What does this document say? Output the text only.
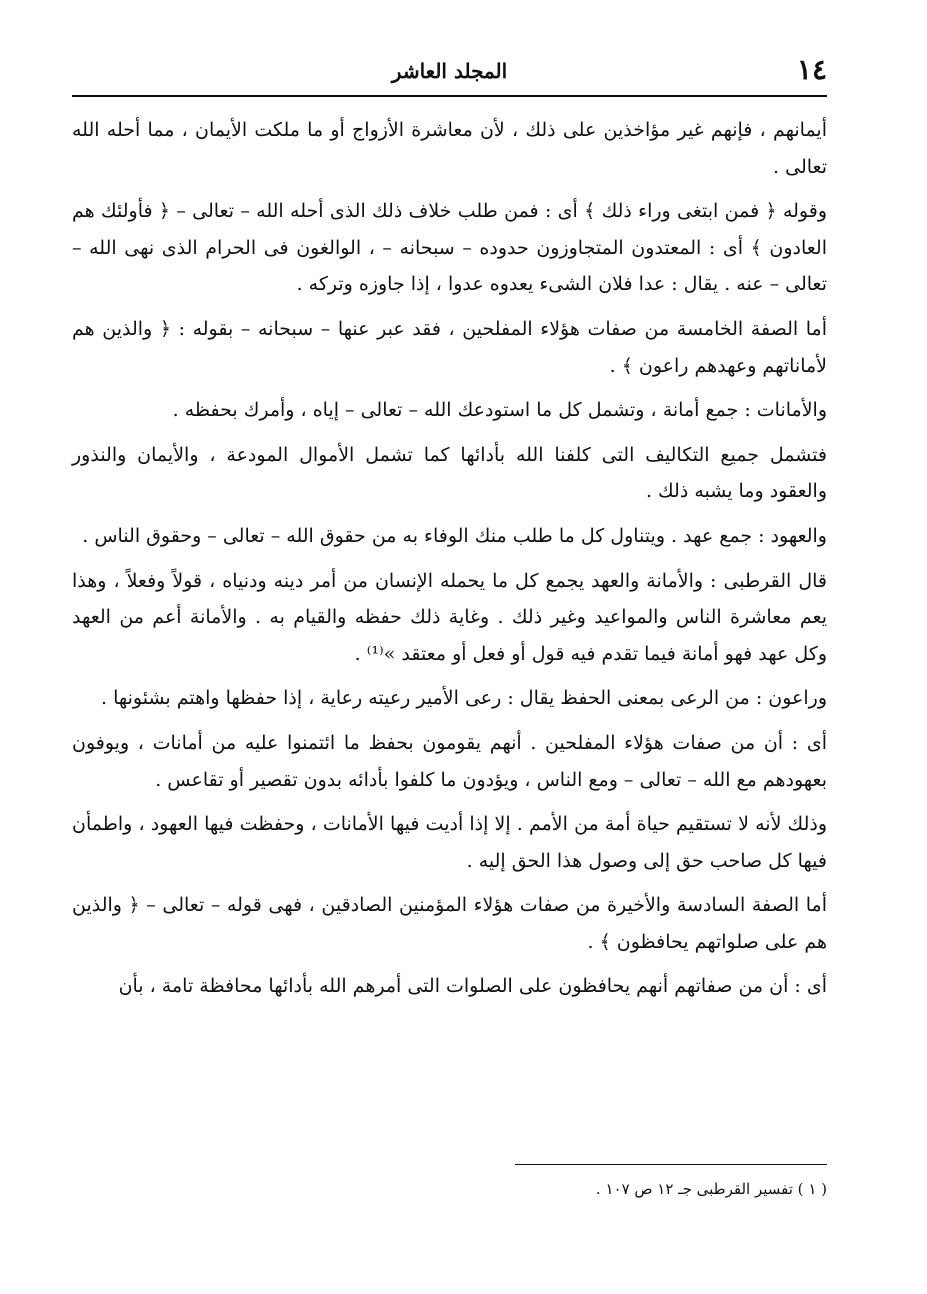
١٤
المجلد العاشر

أيمانهم ، فإنهم غير مؤاخذين على ذلك ، لأن معاشرة الأزواج أو ما ملكت الأيمان ، مما أحله الله تعالى .

وقوله ﴿ فمن ابتغى وراء ذلك ﴾ أى : فمن طلب خلاف ذلك الذى أحله الله – تعالى – ﴿ فأولئك هم العادون ﴾ أى : المعتدون المتجاوزون حدوده – سبحانه – ، الوالغون فى الحرام الذى نهى الله – تعالى – عنه . يقال : عدا فلان الشىء يعدوه عدوا ، إذا جاوزه وتركه .

أما الصفة الخامسة من صفات هؤلاء المفلحين ، فقد عبر عنها – سبحانه – بقوله : ﴿ والذين هم لأماناتهم وعهدهم راعون ﴾ .

والأمانات : جمع أمانة ، وتشمل كل ما استودعك الله – تعالى – إياه ، وأمرك بحفظه .

فتشمل جميع التكاليف التى كلفنا الله بأدائها كما تشمل الأموال المودعة ، والأيمان والنذور والعقود وما يشبه ذلك .

والعهود : جمع عهد . ويتناول كل ما طلب منك الوفاء به من حقوق الله – تعالى – وحقوق الناس .

قال القرطبى : والأمانة والعهد يجمع كل ما يحمله الإنسان من أمر دينه ودنياه ، قولاً وفعلاً ، وهذا يعم معاشرة الناس والمواعيد وغير ذلك . وغاية ذلك حفظه والقيام به . والأمانة أعم من العهد وكل عهد فهو أمانة فيما تقدم فيه قول أو فعل أو معتقد »⁽¹⁾ .

وراعون : من الرعى بمعنى الحفظ يقال : رعى الأمير رعيته رعاية ، إذا حفظها واهتم بشئونها .

أى : أن من صفات هؤلاء المفلحين . أنهم يقومون بحفظ ما ائتمنوا عليه من أمانات ، ويوفون بعهودهم مع الله – تعالى – ومع الناس ، ويؤدون ما كلفوا بأدائه بدون تقصير أو تقاعس .

وذلك لأنه لا تستقيم حياة أمة من الأمم . إلا إذا أديت فيها الأمانات ، وحفظت فيها العهود ، واطمأن فيها كل صاحب حق إلى وصول هذا الحق إليه .

أما الصفة السادسة والأخيرة من صفات هؤلاء المؤمنين الصادقين ، فهى قوله – تعالى – ﴿ والذين هم على صلواتهم يحافظون ﴾ .

أى : أن من صفاتهم أنهم يحافظون على الصلوات التى أمرهم الله بأدائها محافظة تامة ، بأن

( ١ ) تفسير القرطبى جـ ١٢ ص ١٠٧ .
